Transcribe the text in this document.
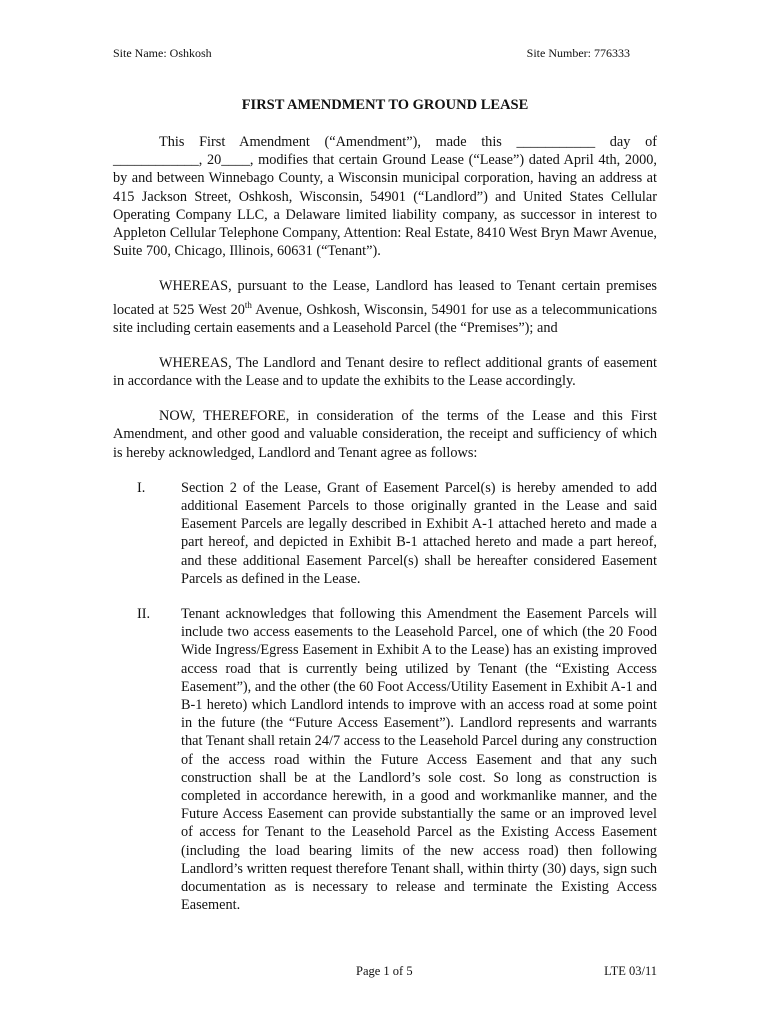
Site Name: Oshkosh	Site Number: 776333
FIRST AMENDMENT TO GROUND LEASE

This First Amendment (“Amendment”), made this ___________ day of ____________, 20____, modifies that certain Ground Lease (“Lease”) dated April 4th, 2000, by and between Winnebago County, a Wisconsin municipal corporation, having an address at 415 Jackson Street, Oshkosh, Wisconsin, 54901 (“Landlord”) and United States Cellular Operating Company LLC, a Delaware limited liability company, as successor in interest to Appleton Cellular Telephone Company, Attention: Real Estate, 8410 West Bryn Mawr Avenue, Suite 700, Chicago, Illinois, 60631 (“Tenant”).

WHEREAS, pursuant to the Lease, Landlord has leased to Tenant certain premises located at 525 West 20th Avenue, Oshkosh, Wisconsin, 54901 for use as a telecommunications site including certain easements and a Leasehold Parcel (the “Premises”); and

WHEREAS, The Landlord and Tenant desire to reflect additional grants of easement in accordance with the Lease and to update the exhibits to the Lease accordingly.

NOW, THEREFORE, in consideration of the terms of the Lease and this First Amendment, and other good and valuable consideration, the receipt and sufficiency of which is hereby acknowledged, Landlord and Tenant agree as follows:

I.	Section 2 of the Lease, Grant of Easement Parcel(s) is hereby amended to add additional Easement Parcels to those originally granted in the Lease and said Easement Parcels are legally described in Exhibit A-1 attached hereto and made a part hereof, and depicted in Exhibit B-1 attached hereto and made a part hereof, and these additional Easement Parcel(s) shall be hereafter considered Easement Parcels as defined in the Lease.

II.	Tenant acknowledges that following this Amendment the Easement Parcels will include two access easements to the Leasehold Parcel, one of which (the 20 Food Wide Ingress/Egress Easement in Exhibit A to the Lease) has an existing improved access road that is currently being utilized by Tenant (the “Existing Access Easement”), and the other (the 60 Foot Access/Utility Easement in Exhibit A-1 and B-1 hereto) which Landlord intends to improve with an access road at some point in the future (the “Future Access Easement”). Landlord represents and warrants that Tenant shall retain 24/7 access to the Leasehold Parcel during any construction of the access road within the Future Access Easement and that any such construction shall be at the Landlord’s sole cost. So long as construction is completed in accordance herewith, in a good and workmanlike manner, and the Future Access Easement can provide substantially the same or an improved level of access for Tenant to the Leasehold Parcel as the Existing Access Easement (including the load bearing limits of the new access road) then following Landlord’s written request therefore Tenant shall, within thirty (30) days, sign such documentation as is necessary to release and terminate the Existing Access Easement.

Page 1 of 5	LTE 03/11
